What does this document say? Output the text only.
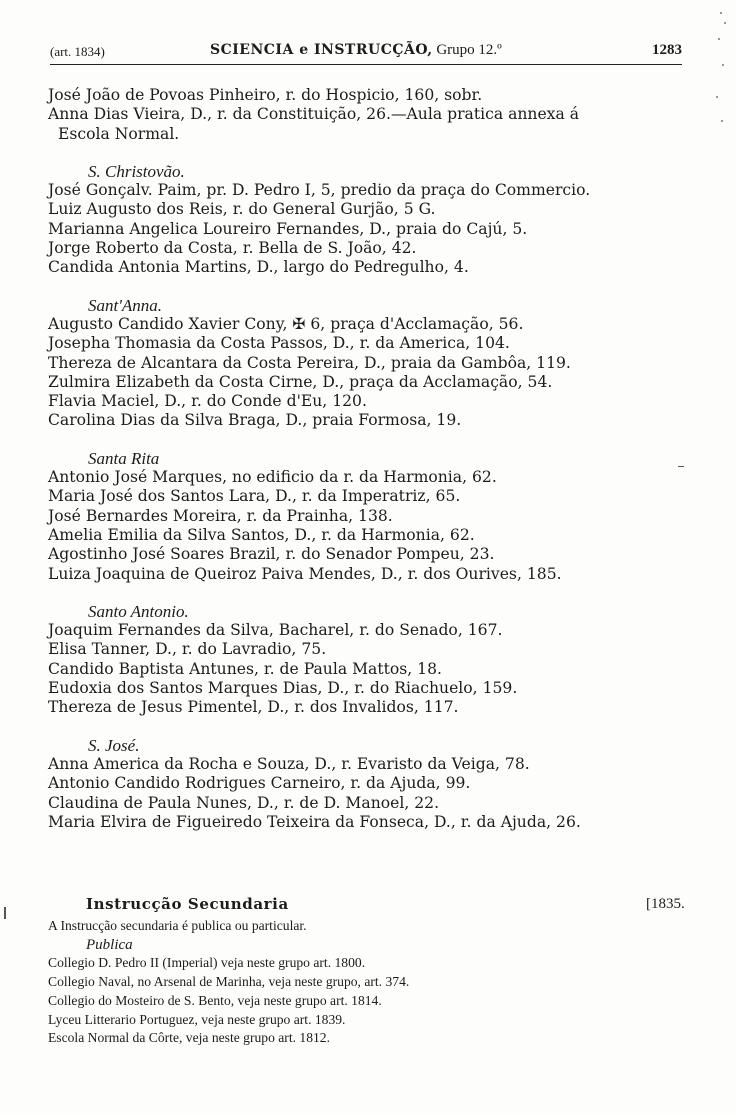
(art. 1834)	SCIENCIA e INSTRUCÇÃO, Grupo 12.º	1283
José João de Povoas Pinheiro, r. do Hospicio, 160, sobr.
Anna Dias Vieira, D., r. da Constituição, 26.—Aula pratica annexa á
Escola Normal.
S. Christovão.
José Gonçalv. Paim, pr. D. Pedro I, 5, predio da praça do Commercio.
Luiz Augusto dos Reis, r. do General Gurjão, 5 G.
Marianna Angelica Loureiro Fernandes, D., praia do Cajú, 5.
Jorge Roberto da Costa, r. Bella de S. João, 42.
Candida Antonia Martins, D., largo do Pedregulho, 4.
Sant'Anna.
Augusto Candido Xavier Cony, ✠ 6, praça d'Acclamação, 56.
Josepha Thomasia da Costa Passos, D., r. da America, 104.
Thereza de Alcantara da Costa Pereira, D., praia da Gambôa, 119.
Zulmira Elizabeth da Costa Cirne, D., praça da Acclamação, 54.
Flavia Maciel, D., r. do Conde d'Eu, 120.
Carolina Dias da Silva Braga, D., praia Formosa, 19.
Santa Rita
Antonio José Marques, no edificio da r. da Harmonia, 62.
Maria José dos Santos Lara, D., r. da Imperatriz, 65.
José Bernardes Moreira, r. da Prainha, 138.
Amelia Emilia da Silva Santos, D., r. da Harmonia, 62.
Agostinho José Soares Brazil, r. do Senador Pompeu, 23.
Luiza Joaquina de Queiroz Paiva Mendes, D., r. dos Ourives, 185.
Santo Antonio.
Joaquim Fernandes da Silva, Bacharel, r. do Senado, 167.
Elisa Tanner, D., r. do Lavradio, 75.
Candido Baptista Antunes, r. de Paula Mattos, 18.
Eudoxia dos Santos Marques Dias, D., r. do Riachuelo, 159.
Thereza de Jesus Pimentel, D., r. dos Invalidos, 117.
S. José.
Anna America da Rocha e Souza, D., r. Evaristo da Veiga, 78.
Antonio Candido Rodrigues Carneiro, r. da Ajuda, 99.
Claudina de Paula Nunes, D., r. de D. Manoel, 22.
Maria Elvira de Figueiredo Teixeira da Fonseca, D., r. da Ajuda, 26.
Instrucção Secundaria	[1835.
A Instrucção secundaria é publica ou particular.
Publica
Collegio D. Pedro II (Imperial) veja neste grupo art. 1800.
Collegio Naval, no Arsenal de Marinha, veja neste grupo, art. 374.
Collegio do Mosteiro de S. Bento, veja neste grupo art. 1814.
Lyceu Litterario Portuguez, veja neste grupo art. 1839.
Escola Normal da Côrte, veja neste grupo art. 1812.
